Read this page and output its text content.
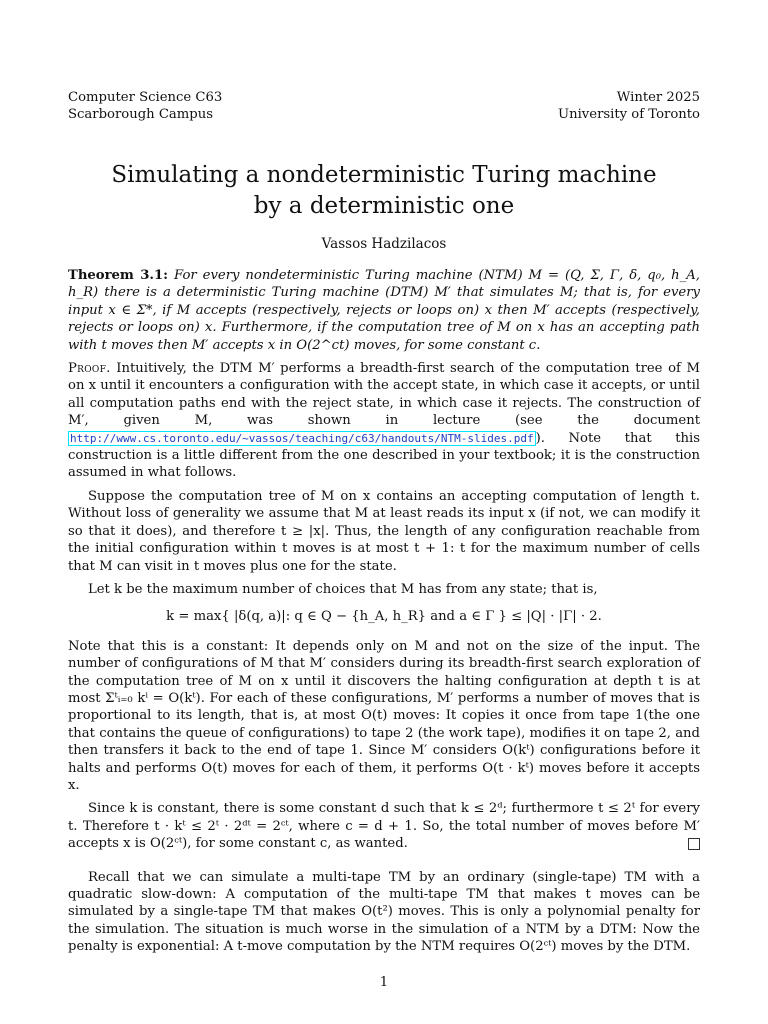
Computer Science C63
Scarborough Campus
Winter 2025
University of Toronto
Simulating a nondeterministic Turing machine
by a deterministic one
Vassos Hadzilacos

Theorem 3.1: For every nondeterministic Turing machine (NTM) M = (Q, Σ, Γ, δ, q₀, h_A, h_R) there is a deterministic Turing machine (DTM) M′ that simulates M; that is, for every input x ∈ Σ*, if M accepts (respectively, rejects or loops on) x then M′ accepts (respectively, rejects or loops on) x. Furthermore, if the computation tree of M on x has an accepting path with t moves then M′ accepts x in O(2^ct) moves, for some constant c.

Proof. Intuitively, the DTM M′ performs a breadth-first search of the computation tree of M on x until it encounters a configuration with the accept state, in which case it accepts, or until all computation paths end with the reject state, in which case it rejects. The construction of M′, given M, was shown in lecture (see the document http://www.cs.toronto.edu/~vassos/teaching/c63/handouts/NTM-slides.pdf ). Note that this construction is a little different from the one described in your textbook; it is the construction assumed in what follows.

Suppose the computation tree of M on x contains an accepting computation of length t. Without loss of generality we assume that M at least reads its input x (if not, we can modify it so that it does), and therefore t ≥ |x|. Thus, the length of any configuration reachable from the initial configuration within t moves is at most t + 1: t for the maximum number of cells that M can visit in t moves plus one for the state.

Let k be the maximum number of choices that M has from any state; that is,

k = max{ |δ(q, a)|: q ∈ Q − {h_A, h_R} and a ∈ Γ } ≤ |Q| · |Γ| · 2.

Note that this is a constant: It depends only on M and not on the size of the input. The number of configurations of M that M′ considers during its breadth-first search exploration of the computation tree of M on x until it discovers the halting configuration at depth t is at most Σᵗᵢ₌₀ kⁱ = O(kᵗ). For each of these configurations, M′ performs a number of moves that is proportional to its length, that is, at most O(t) moves: It copies it once from tape 1(the one that contains the queue of configurations) to tape 2 (the work tape), modifies it on tape 2, and then transfers it back to the end of tape 1. Since M′ considers O(kᵗ) configurations before it halts and performs O(t) moves for each of them, it performs O(t · kᵗ) moves before it accepts x.

Since k is constant, there is some constant d such that k ≤ 2ᵈ; furthermore t ≤ 2ᵗ for every t. Therefore t · kᵗ ≤ 2ᵗ · 2ᵈᵗ = 2ᶜᵗ, where c = d + 1. So, the total number of moves before M′ accepts x is O(2ᶜᵗ), for some constant c, as wanted.

Recall that we can simulate a multi-tape TM by an ordinary (single-tape) TM with a quadratic slow-down: A computation of the multi-tape TM that makes t moves can be simulated by a single-tape TM that makes O(t²) moves. This is only a polynomial penalty for the simulation. The situation is much worse in the simulation of a NTM by a DTM: Now the penalty is exponential: A t-move computation by the NTM requires O(2ᶜᵗ) moves by the DTM.

1
